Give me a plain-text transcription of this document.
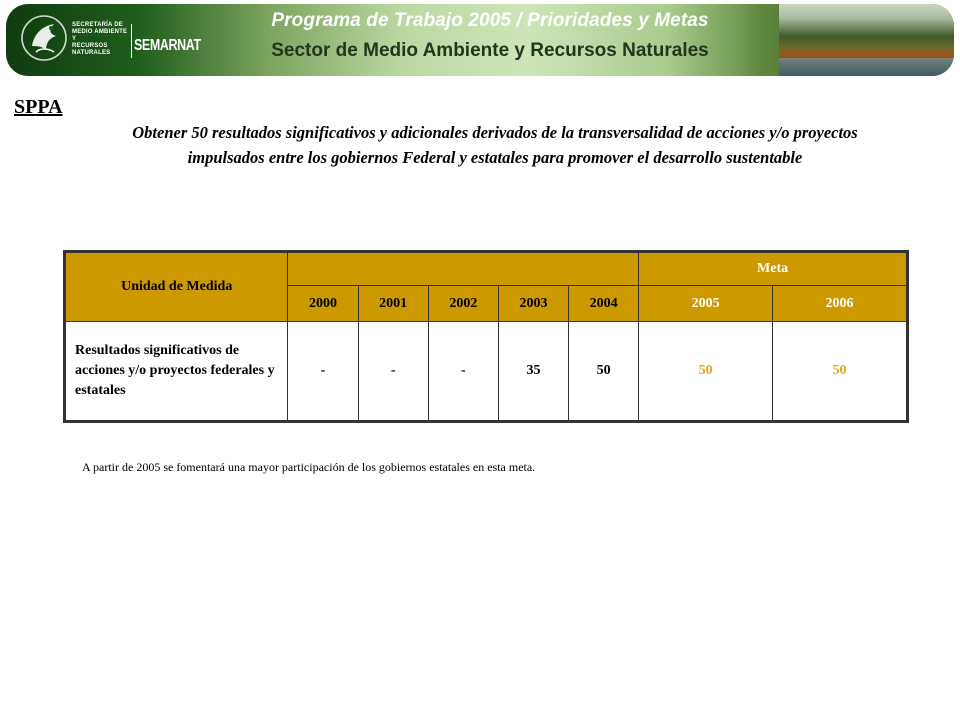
SECRETARÍA DE
MEDIO AMBIENTE Y
RECURSOS NATURALES	SEMARNAT
Programa de Trabajo 2005 / Prioridades y Metas
Sector de Medio Ambiente y Recursos Naturales
SPPA
Obtener 50 resultados significativos y adicionales derivados de la transversalidad de acciones y/o proyectos impulsados entre los gobiernos Federal y estatales para promover el desarrollo sustentable
Unidad de Medida						Meta	
	2000	2001	2002	2003	2004	2005	2006
Resultados significativos de acciones y/o proyectos federales y estatales	-	-	-	35	50	50	50
A partir de 2005 se fomentará una mayor participación de los gobiernos estatales en esta meta.
